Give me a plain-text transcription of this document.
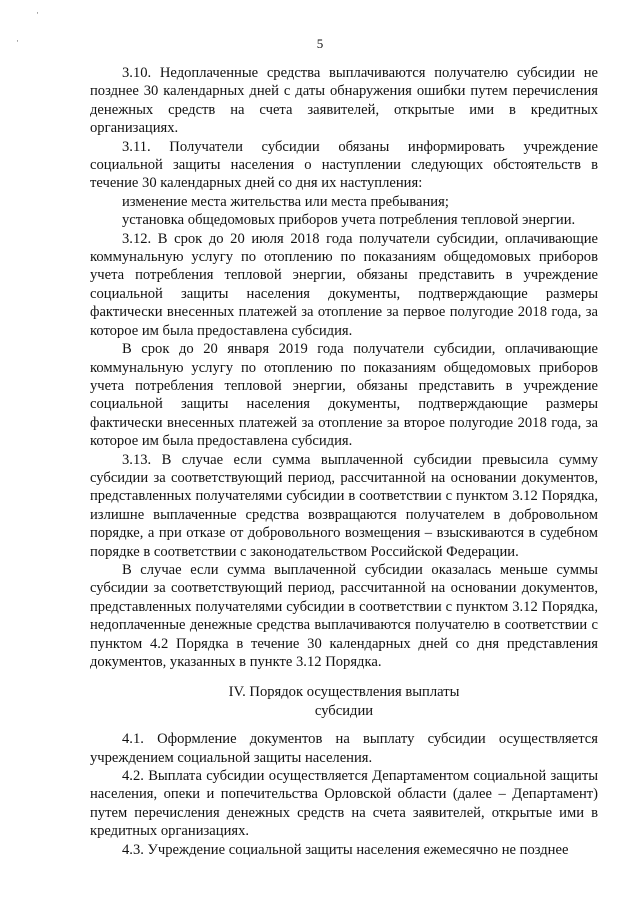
·
·	5

3.10. Недоплаченные средства выплачиваются получателю субсидии не позднее 30 календарных дней с даты обнаружения ошибки путем перечисления денежных средств на счета заявителей, открытые ими в кредитных организациях.

3.11. Получатели субсидии обязаны информировать учреждение социальной защиты населения о наступлении следующих обстоятельств в течение 30 календарных дней со дня их наступления:

изменение места жительства или места пребывания;

установка общедомовых приборов учета потребления тепловой энергии.

3.12. В срок до 20 июля 2018 года получатели субсидии, оплачивающие коммунальную услугу по отоплению по показаниям общедомовых приборов учета потребления тепловой энергии, обязаны представить в учреждение социальной защиты населения документы, подтверждающие размеры фактически внесенных платежей за отопление за первое полугодие 2018 года, за которое им была предоставлена субсидия.

В срок до 20 января 2019 года получатели субсидии, оплачивающие коммунальную услугу по отоплению по показаниям общедомовых приборов учета потребления тепловой энергии, обязаны представить в учреждение социальной защиты населения документы, подтверждающие размеры фактически внесенных платежей за отопление за второе полугодие 2018 года, за которое им была предоставлена субсидия.

3.13. В случае если сумма выплаченной субсидии превысила сумму субсидии за соответствующий период, рассчитанной на основании документов, представленных получателями субсидии в соответствии с пунктом 3.12 Порядка, излишне выплаченные средства возвращаются получателем в добровольном порядке, а при отказе от добровольного возмещения – взыскиваются в судебном порядке в соответствии с законодательством Российской Федерации.

В случае если сумма выплаченной субсидии оказалась меньше суммы субсидии за соответствующий период, рассчитанной на основании документов, представленных получателями субсидии в соответствии с пунктом 3.12 Порядка, недоплаченные денежные средства выплачиваются получателю в соответствии с пунктом 4.2 Порядка в течение 30 календарных дней со дня представления документов, указанных в пункте 3.12 Порядка.

IV. Порядок осуществления выплаты
субсидии

4.1. Оформление документов на выплату субсидии осуществляется учреждением социальной защиты населения.

4.2. Выплата субсидии осуществляется Департаментом социальной защиты населения, опеки и попечительства Орловской области (далее – Департамент) путем перечисления денежных средств на счета заявителей, открытые ими в кредитных организациях.

4.3. Учреждение социальной защиты населения ежемесячно не позднее
